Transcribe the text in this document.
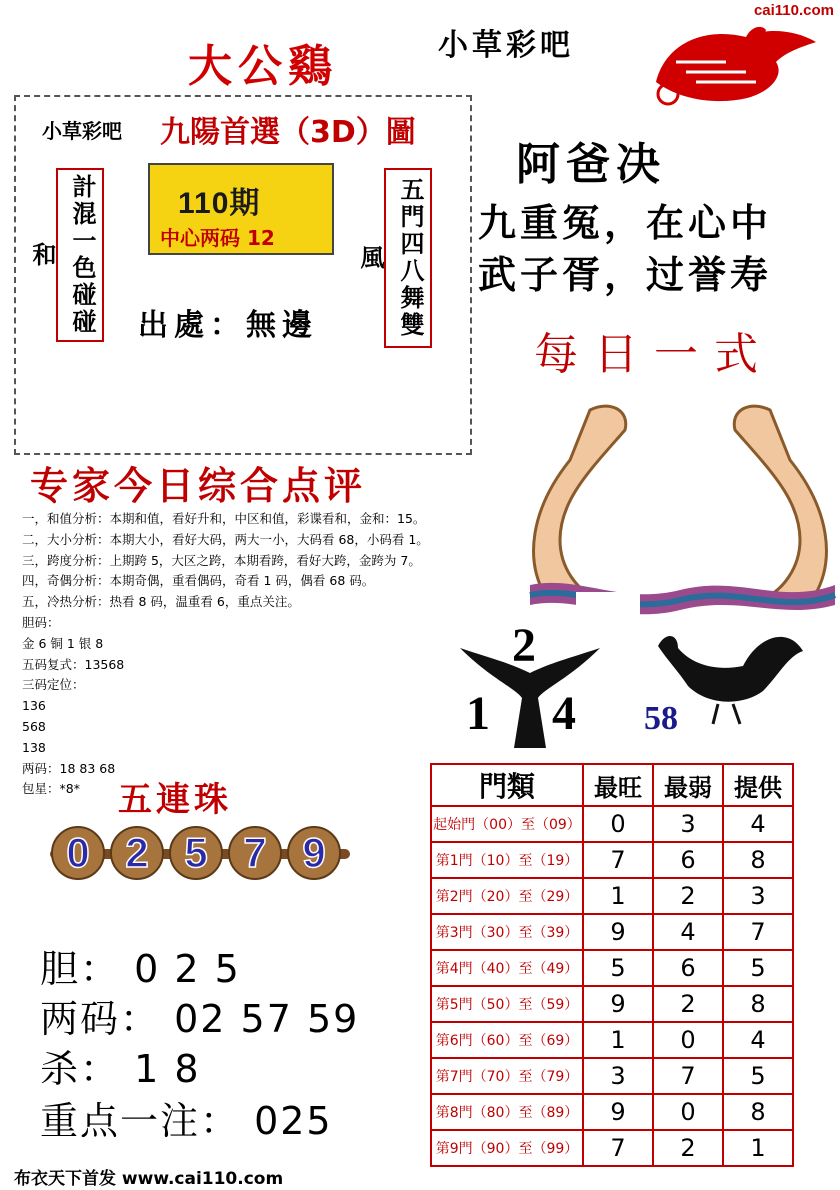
cai110.com
大公鷄	小草彩吧
小草彩吧 九陽首選（3D）圖
計混一色碰碰和	五門四八舞雙風
110期
中心两码 12
出處：無邊
阿爸决
九重冤，在心中
武子胥，过誉寿
每日一式
2
1 4 58
专家今日综合点评
一，和值分析：本期和值，看好升和，中区和值，彩谍看和，金和：15。
二，大小分析：本期大小，看好大码，两大一小，大码看 68，小码看 1。
三，跨度分析：上期跨 5，大区之跨，本期看跨，看好大跨，金跨为 7。
四，奇偶分析：本期奇偶，重看偶码，奇看 1 码，偶看 68 码。
五，冷热分析：热看 8 码，温重看 6，重点关注。
胆码：
金 6 铜 1 银 8
五码复式：13568
三码定位：
136
568
138
两码：18 83 68
包星：*8*	五連珠
0 2 5 7 9
胆： 0 2 5
两码： 02 57 59
杀： 1 8
重点一注： 025
布衣天下首发 www.cai110.com
門類	最旺	最弱	提供
起始門（00）至（09）	0	3	4
第1門（10）至（19）	7	6	8
第2門（20）至（29）	1	2	3
第3門（30）至（39）	9	4	7
第4門（40）至（49）	5	6	5
第5門（50）至（59）	9	2	8
第6門（60）至（69）	1	0	4
第7門（70）至（79）	3	7	5
第8門（80）至（89）	9	0	8
第9門（90）至（99）	7	2	1
